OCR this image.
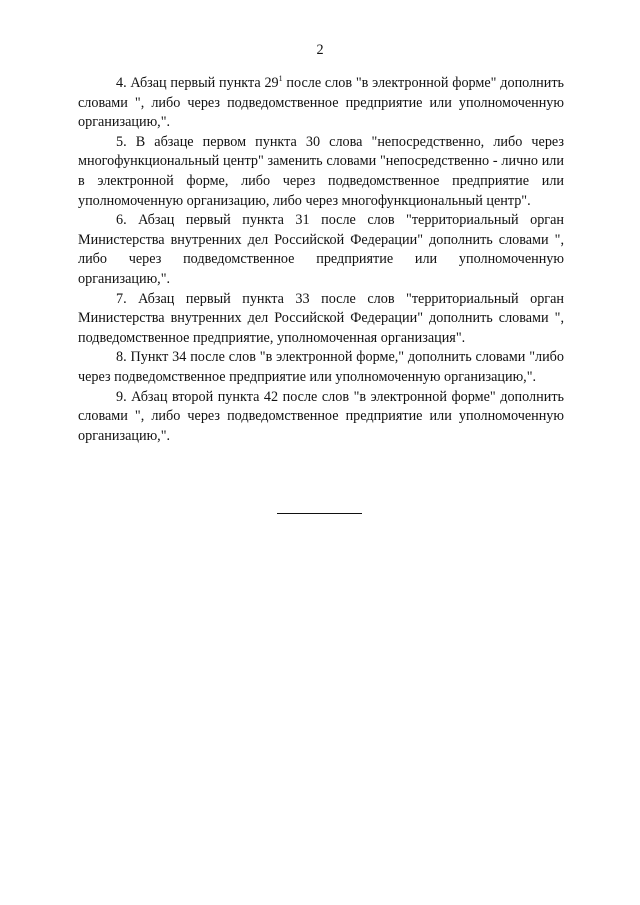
2

4. Абзац первый пункта $29^1$ после слов "в электронной форме" дополнить словами ", либо через подведомственное предприятие или уполномоченную организацию,".

5. В абзаце первом пункта 30 слова "непосредственно, либо через многофункциональный центр" заменить словами "непосредственно - лично или в электронной форме, либо через подведомственное предприятие или уполномоченную организацию, либо через многофункциональный центр".

6. Абзац первый пункта 31 после слов "территориальный орган Министерства внутренних дел Российской Федерации" дополнить словами ", либо через подведомственное предприятие или уполномоченную организацию,".

7. Абзац первый пункта 33 после слов "территориальный орган Министерства внутренних дел Российской Федерации" дополнить словами ", подведомственное предприятие, уполномоченная организация".

8. Пункт 34 после слов "в электронной форме," дополнить словами "либо через подведомственное предприятие или уполномоченную организацию,".

9. Абзац второй пункта 42 после слов "в электронной форме" дополнить словами ", либо через подведомственное предприятие или уполномоченную организацию,".
